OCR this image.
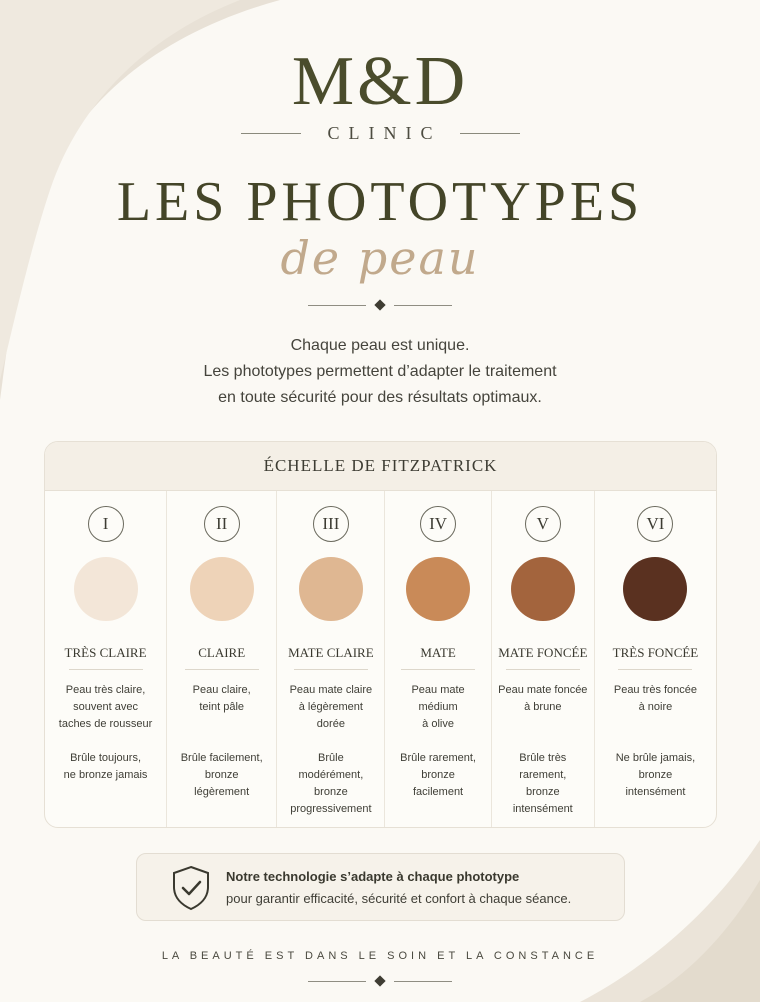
M&D
CLINIC
LES PHOTOTYPES
de peau
Chaque peau est unique.
Les phototypes permettent d’adapter le traitement
en toute sécurité pour des résultats optimaux.
ÉCHELLE DE FITZPATRICK
I
TRÈS CLAIRE
Peau très claire,
souvent avec
taches de rousseur
Brûle toujours,
ne bronze jamais
II
CLAIRE
Peau claire,
teint pâle
Brûle facilement,
bronze
légèrement
III
MATE CLAIRE
Peau mate claire
à légèrement
dorée
Brûle
modérément,
bronze
progressivement
IV
MATE
Peau mate
médium
à olive
Brûle rarement,
bronze
facilement
V
MATE FONCÉE
Peau mate foncée
à brune
Brûle très
rarement,
bronze
intensément
VI
TRÈS FONCÉE
Peau très foncée
à noire
Ne brûle jamais,
bronze
intensément
Notre technologie s’adapte à chaque phototype
pour garantir efficacité, sécurité et confort à chaque séance.
LA BEAUTÉ EST DANS LE SOIN ET LA CONSTANCE
